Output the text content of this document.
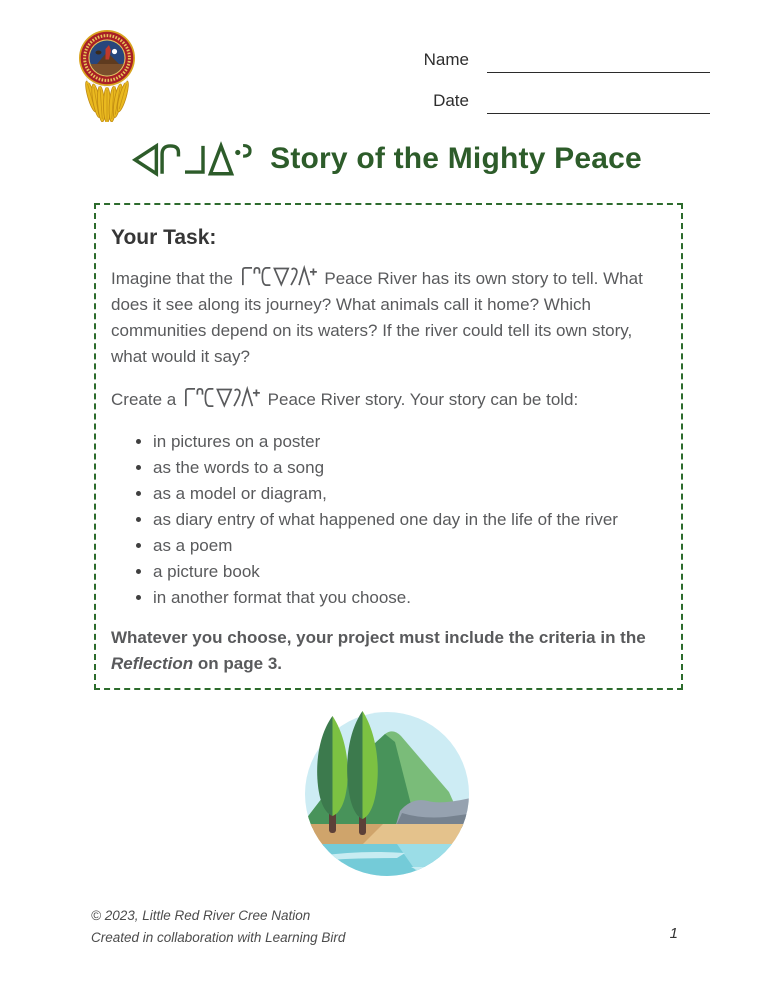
Name
Date
Story of the Mighty Peace
Your Task:

Imagine that the	Peace River has its own story to tell. What does it see along its journey? What animals call it home? Which communities depend on its waters? If the river could tell its own story, what would it say?

Create a	Peace River story. Your story can be told:

• in pictures on a poster
• as the words to a song
• as a model or diagram,
• as diary entry of what happened one day in the life of the river
• as a poem
• a picture book
• in another format that you choose.

Whatever you choose, your project must include the criteria in the Reflection on page 3.

© 2023, Little Red River Cree Nation
Created in collaboration with Learning Bird	1
